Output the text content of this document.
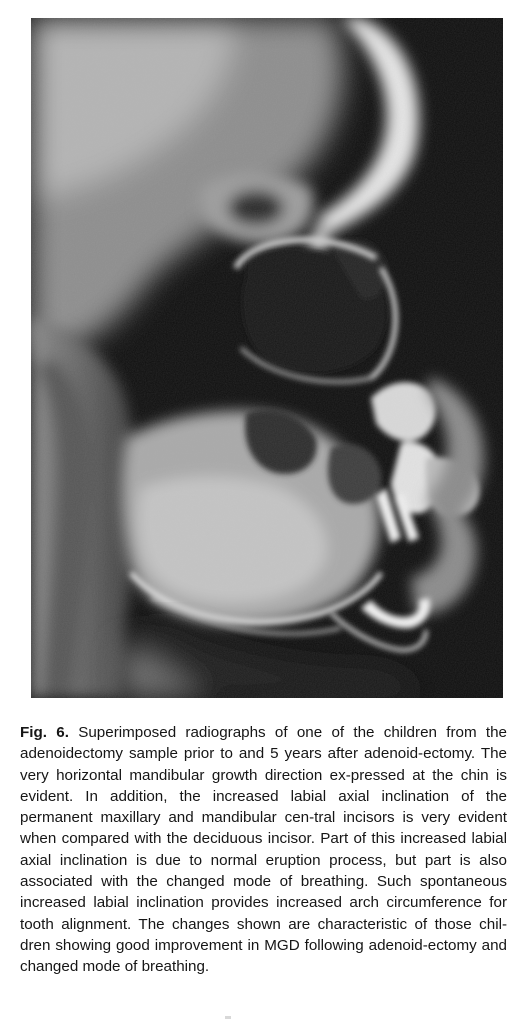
Fig. 6. Superimposed radiographs of one of the children from the adenoidectomy sample prior to and 5 years after adenoid-ectomy. The very horizontal mandibular growth direction ex-pressed at the chin is evident. In addition, the increased labial axial inclination of the permanent maxillary and mandibular cen-tral incisors is very evident when compared with the deciduous incisor. Part of this increased labial axial inclination is due to normal eruption process, but part is also associated with the changed mode of breathing. Such spontaneous increased labial inclination provides increased arch circumference for tooth alignment. The changes shown are characteristic of those chil-dren showing good improvement in MGD following adenoid-ectomy and changed mode of breathing.
